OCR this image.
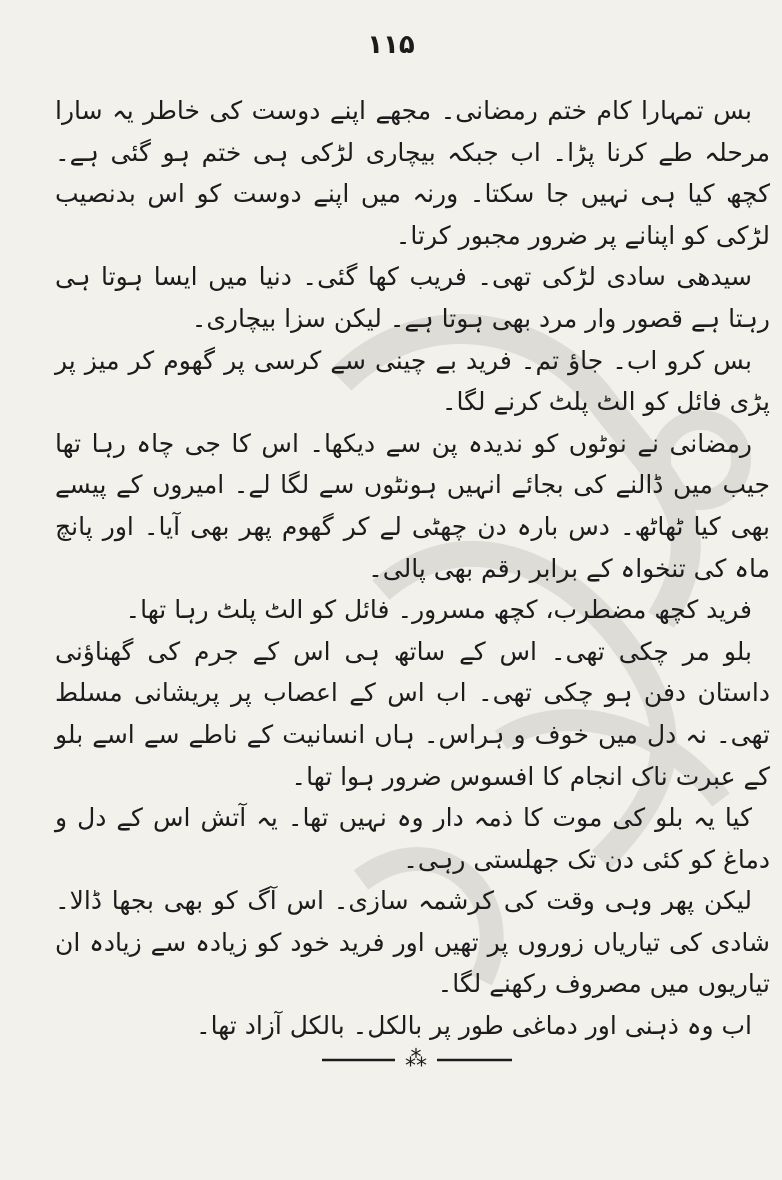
۱۱۵

بس تمہارا کام ختم رمضانی۔ مجھے اپنے دوست کی خاطر یہ سارا مرحلہ طے کرنا پڑا۔ اب جبکہ بیچاری لڑکی ہی ختم ہو گئی ہے۔ کچھ کیا ہی نہیں جا سکتا۔ ورنہ میں اپنے دوست کو اس بدنصیب لڑکی کو اپنانے پر ضرور مجبور کرتا۔

سیدھی سادی لڑکی تھی۔ فریب کھا گئی۔ دنیا میں ایسا ہوتا ہی رہتا ہے قصور وار مرد بھی ہوتا ہے۔ لیکن سزا بیچاری۔

بس کرو اب۔ جاؤ تم۔ فرید بے چینی سے کرسی پر گھوم کر میز پر پڑی فائل کو الٹ پلٹ کرنے لگا۔

رمضانی نے نوٹوں کو ندیدہ پن سے دیکھا۔ اس کا جی چاہ رہا تھا جیب میں ڈالنے کی بجائے انہیں ہونٹوں سے لگا لے۔ امیروں کے پیسے بھی کیا ٹھاٹھ۔ دس بارہ دن چھٹی لے کر گھوم پھر بھی آیا۔ اور پانچ ماہ کی تنخواہ کے برابر رقم بھی پالی۔

فرید کچھ مضطرب، کچھ مسرور۔ فائل کو الٹ پلٹ رہا تھا۔

بلو مر چکی تھی۔ اس کے ساتھ ہی اس کے جرم کی گھناؤنی داستان دفن ہو چکی تھی۔ اب اس کے اعصاب پر پریشانی مسلط تھی۔ نہ دل میں خوف و ہراس۔ ہاں انسانیت کے ناطے سے اسے بلو کے عبرت ناک انجام کا افسوس ضرور ہوا تھا۔

کیا یہ بلو کی موت کا ذمہ دار وہ نہیں تھا۔ یہ آتش اس کے دل و دماغ کو کئی دن تک جھلستی رہی۔

لیکن پھر وہی وقت کی کرشمہ سازی۔ اس آگ کو بھی بجھا ڈالا۔ شادی کی تیاریاں زوروں پر تھیں اور فرید خود کو زیادہ سے زیادہ ان تیاریوں میں مصروف رکھنے لگا۔

اب وہ ذہنی اور دماغی طور پر بالکل۔ بالکل آزاد تھا۔

⁂
